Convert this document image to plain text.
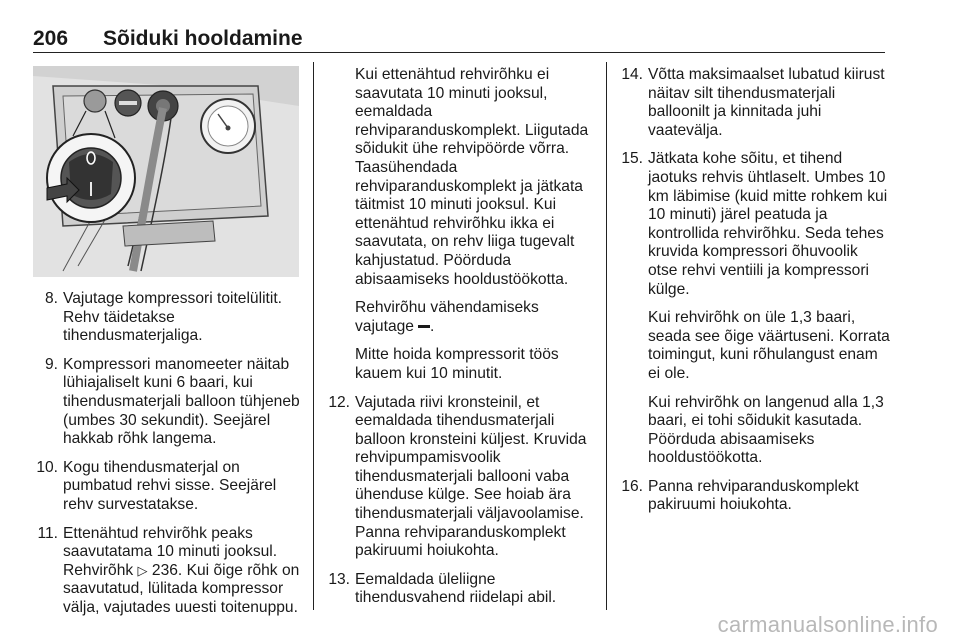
206 Sõiduki hooldamine
8. Vajutage kompressori toitelülitit. Rehv täidetakse tihendusmaterjaliga.
9. Kompressori manomeeter näitab lühiajaliselt kuni 6 baari, kui tihendusmaterjali balloon tühjeneb (umbes 30 sekundit). Seejärel hakkab rõhk langema.
10. Kogu tihendusmaterjal on pumbatud rehvi sisse. Seejärel rehv survestatakse.
11. Ettenähtud rehvirõhk peaks saavutatama 10 minuti jooksul. Rehvirõhk ▷ 236. Kui õige rõhk on saavutatud, lülitada kompressor välja, vajutades uuesti toitenuppu.

Kui ettenähtud rehvirõhku ei saavutata 10 minuti jooksul, eemaldada rehviparanduskomplekt. Liigutada sõidukit ühe rehvipöörde võrra. Taasühendada rehviparanduskomplekt ja jätkata täitmist 10 minuti jooksul. Kui ettenähtud rehvirõhku ikka ei saavutata, on rehv liiga tugevalt kahjustatud. Pöörduda abisaamiseks hooldustöökotta.

Rehvirõhu vähendamiseks vajutage .

Mitte hoida kompressorit töös kauem kui 10 minutit.

12. Vajutada riivi kronsteinil, et eemaldada tihendusmaterjali balloon kronsteini küljest. Kruvida rehvipumpamisvoolik tihendusmaterjali ballooni vaba ühenduse külge. See hoiab ära tihendusmaterjali väljavoolamise. Panna rehviparanduskomplekt pakiruumi hoiukohta.
13. Eemaldada üleliigne tihendusvahend riidelapi abil.
14. Võtta maksimaalset lubatud kiirust näitav silt tihendusmaterjali balloonilt ja kinnitada juhi vaatevälja.
15. Jätkata kohe sõitu, et tihend jaotuks rehvis ühtlaselt. Umbes 10 km läbimise (kuid mitte rohkem kui 10 minuti) järel peatuda ja kontrollida rehvirõhku. Seda tehes kruvida kompressori õhuvoolik otse rehvi ventiili ja kompressori külge.

Kui rehvirõhk on üle 1,3 baari, seada see õige väärtuseni. Korrata toimingut, kuni rõhulangust enam ei ole.

Kui rehvirõhk on langenud alla 1,3 baari, ei tohi sõidukit kasutada. Pöörduda abisaamiseks hooldustöökotta.

16. Panna rehviparanduskomplekt pakiruumi hoiukohta.
carmanualsonline.info
